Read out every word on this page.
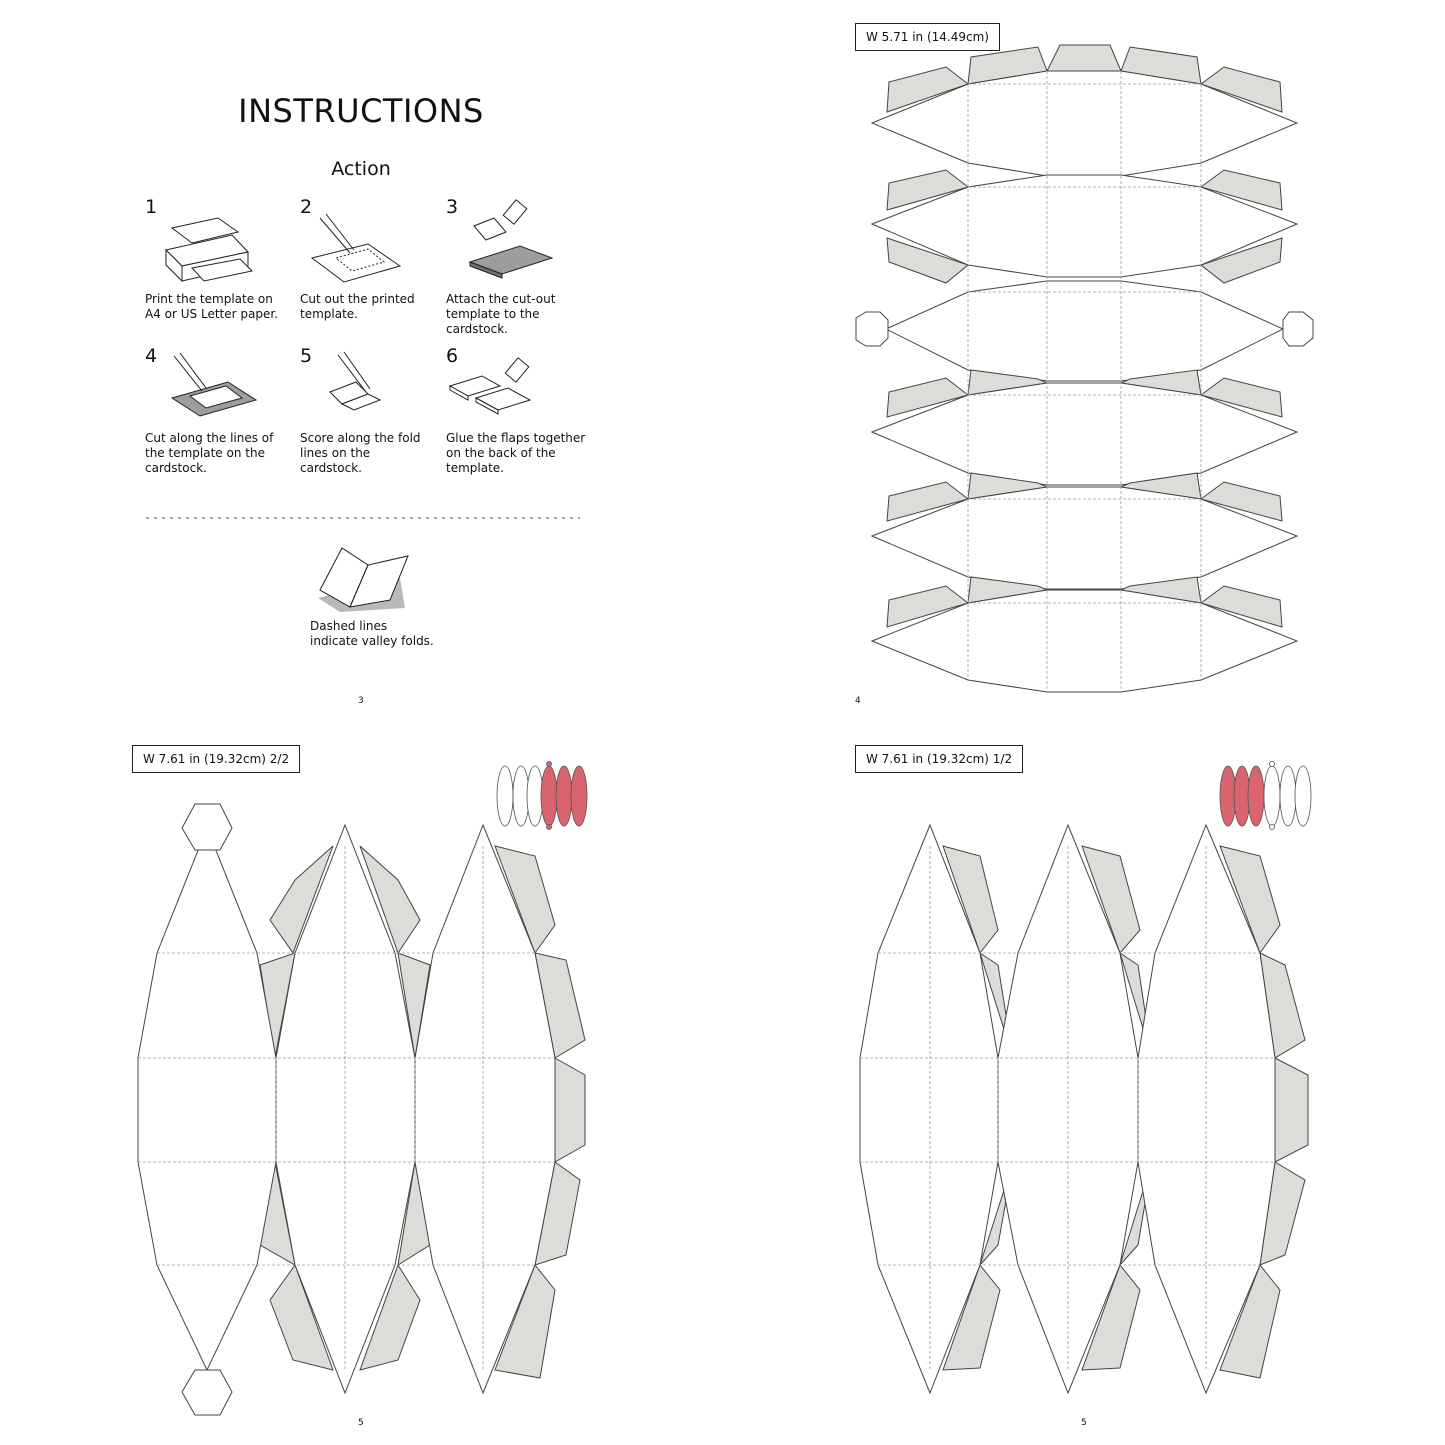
INSTRUCTIONS
Action
1	2	3
4	5	6
Print the template on A4 or US Letter paper.
Cut out the printed template.
Attach the cut-out template to the cardstock.
Cut along the lines of the template on the cardstock.
Score along the fold lines on the cardstock.
Glue the flaps together on the back of the template.
Dashed lines indicate valley folds.
3	4
5	5
W 5.71 in (14.49cm)
W 7.61 in (19.32cm) 2/2	W 7.61 in (19.32cm) 1/2
